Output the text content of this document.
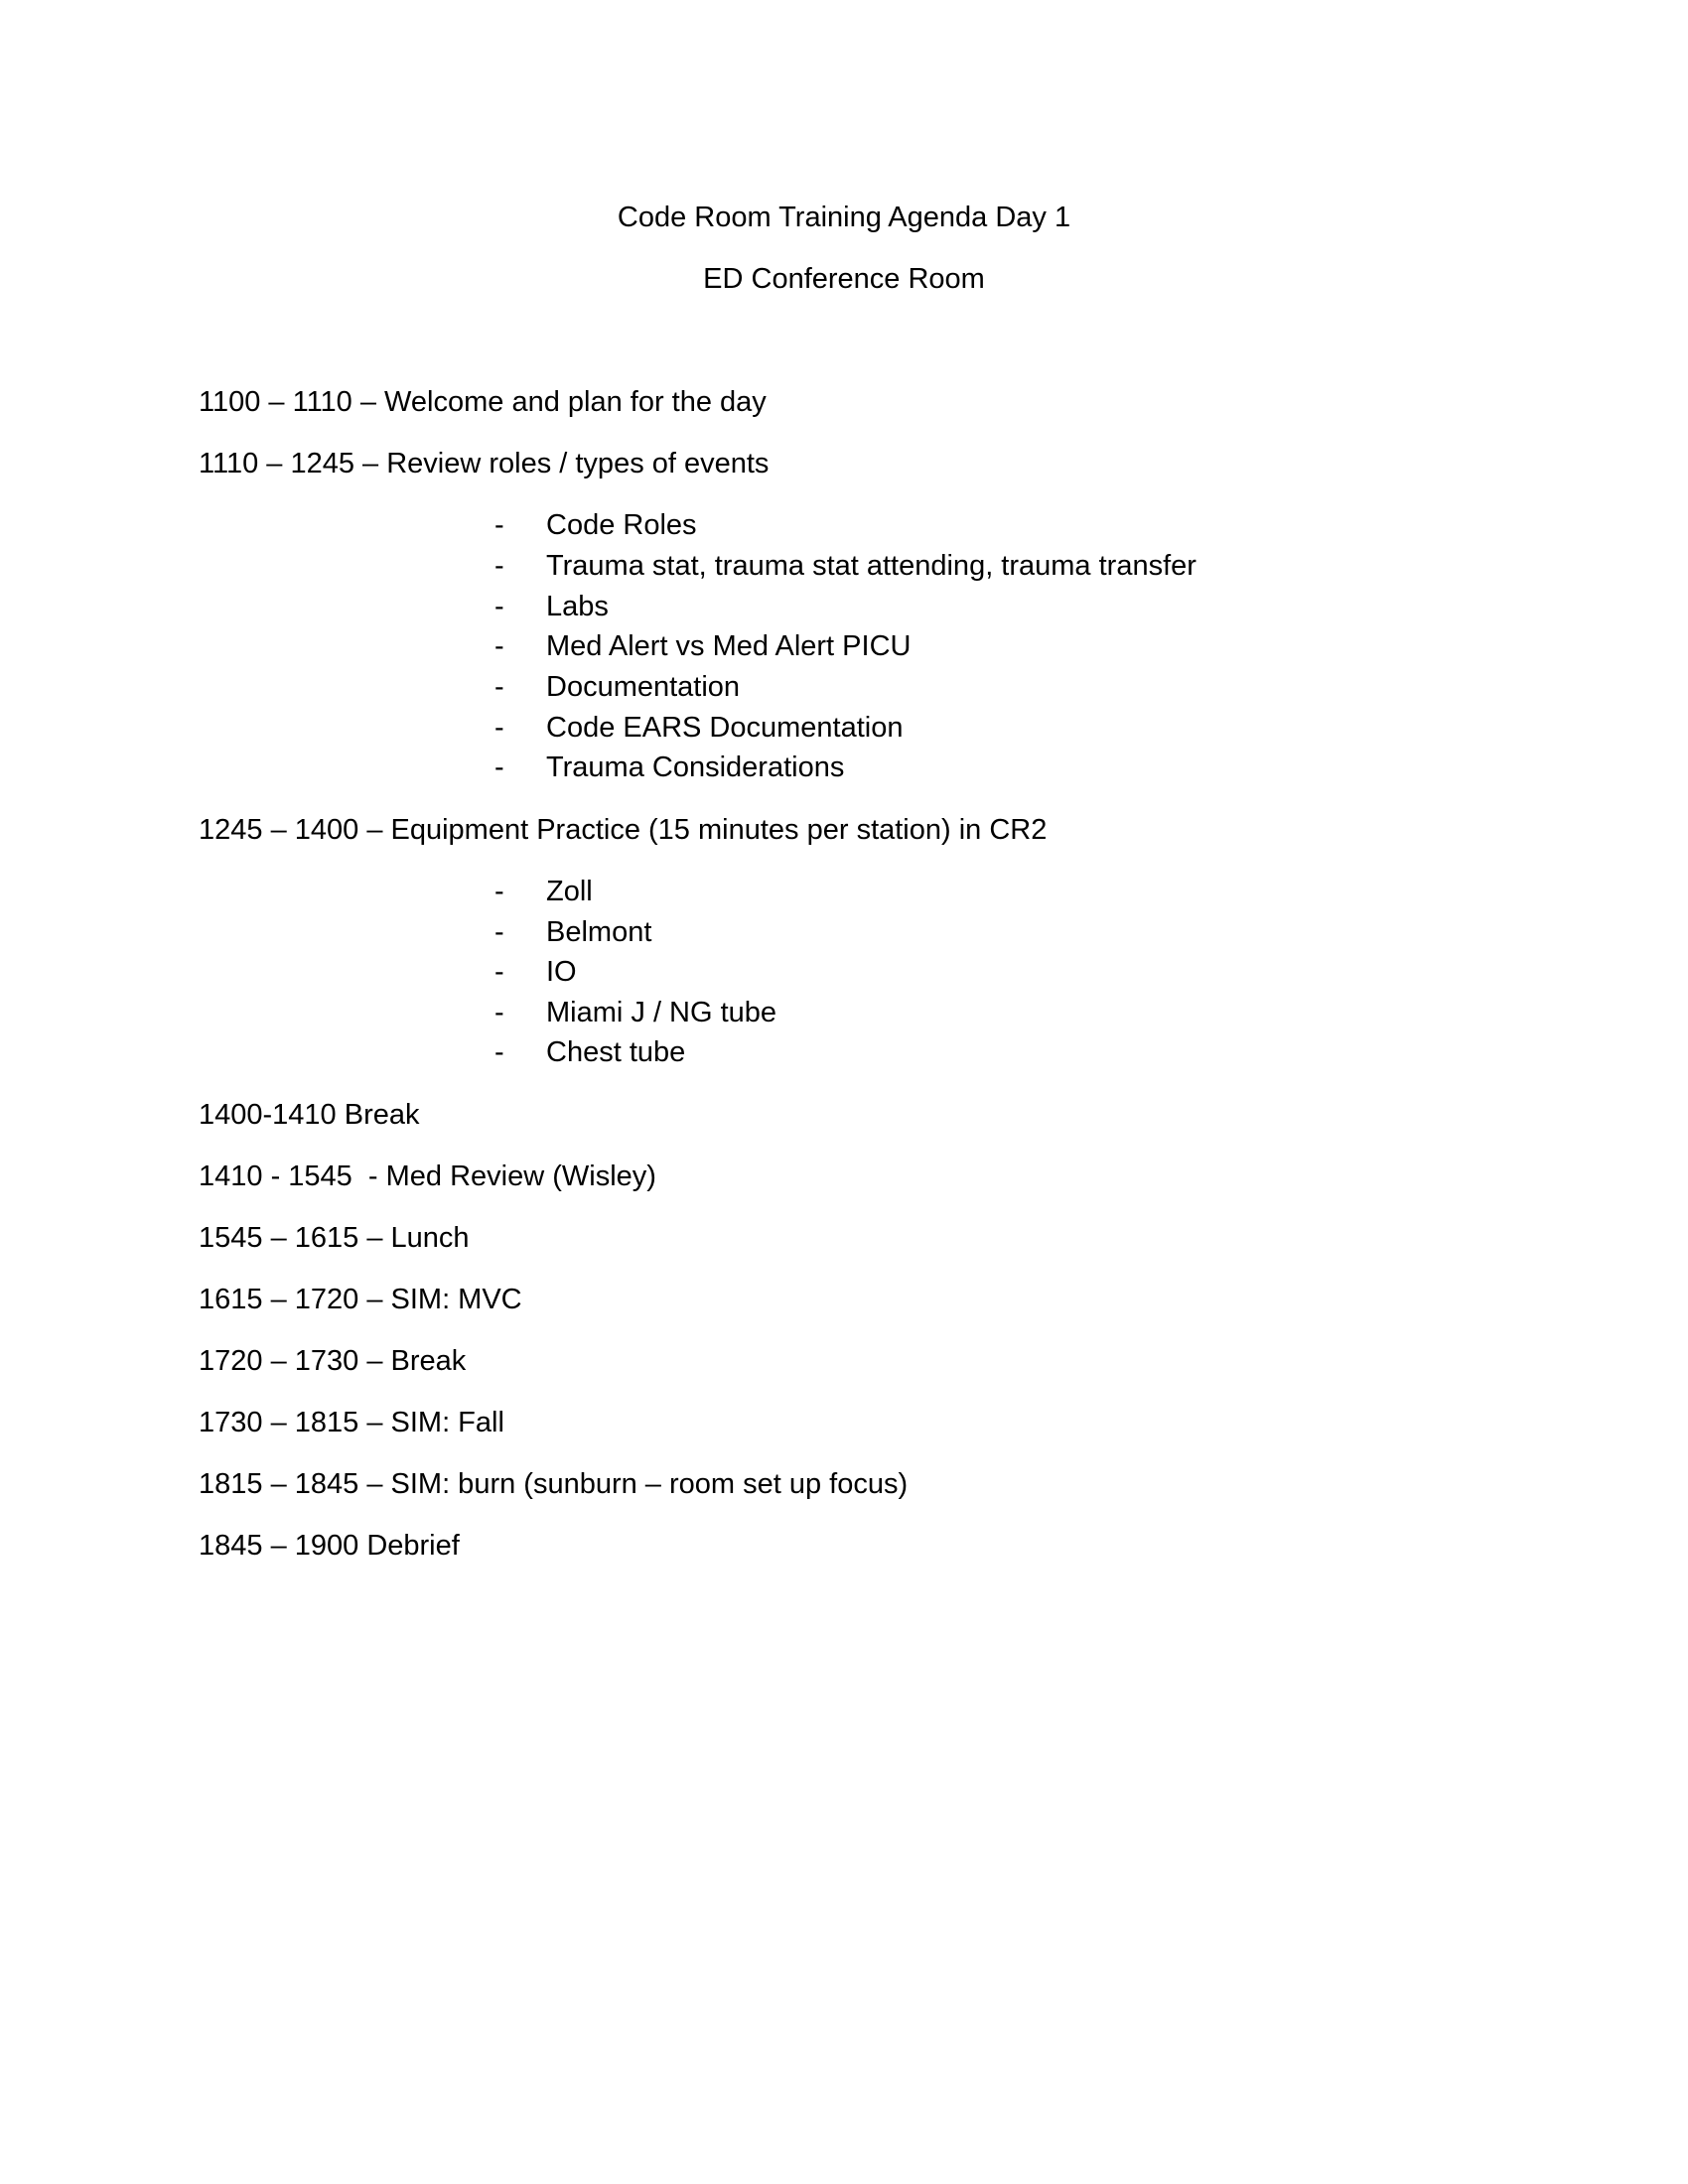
Code Room Training Agenda Day 1
ED Conference Room
1100 – 1110 – Welcome and plan for the day
1110 – 1245 – Review roles / types of events
- Code Roles
- Trauma stat, trauma stat attending, trauma transfer
- Labs
- Med Alert vs Med Alert PICU
- Documentation
- Code EARS Documentation
- Trauma Considerations
1245 – 1400 – Equipment Practice (15 minutes per station) in CR2
- Zoll
- Belmont
- IO
- Miami J / NG tube
- Chest tube
1400-1410 Break
1410 - 1545  - Med Review (Wisley)
1545 – 1615 – Lunch
1615 – 1720 – SIM: MVC
1720 – 1730 – Break
1730 – 1815 – SIM: Fall
1815 – 1845 – SIM: burn (sunburn – room set up focus)
1845 – 1900 Debrief
